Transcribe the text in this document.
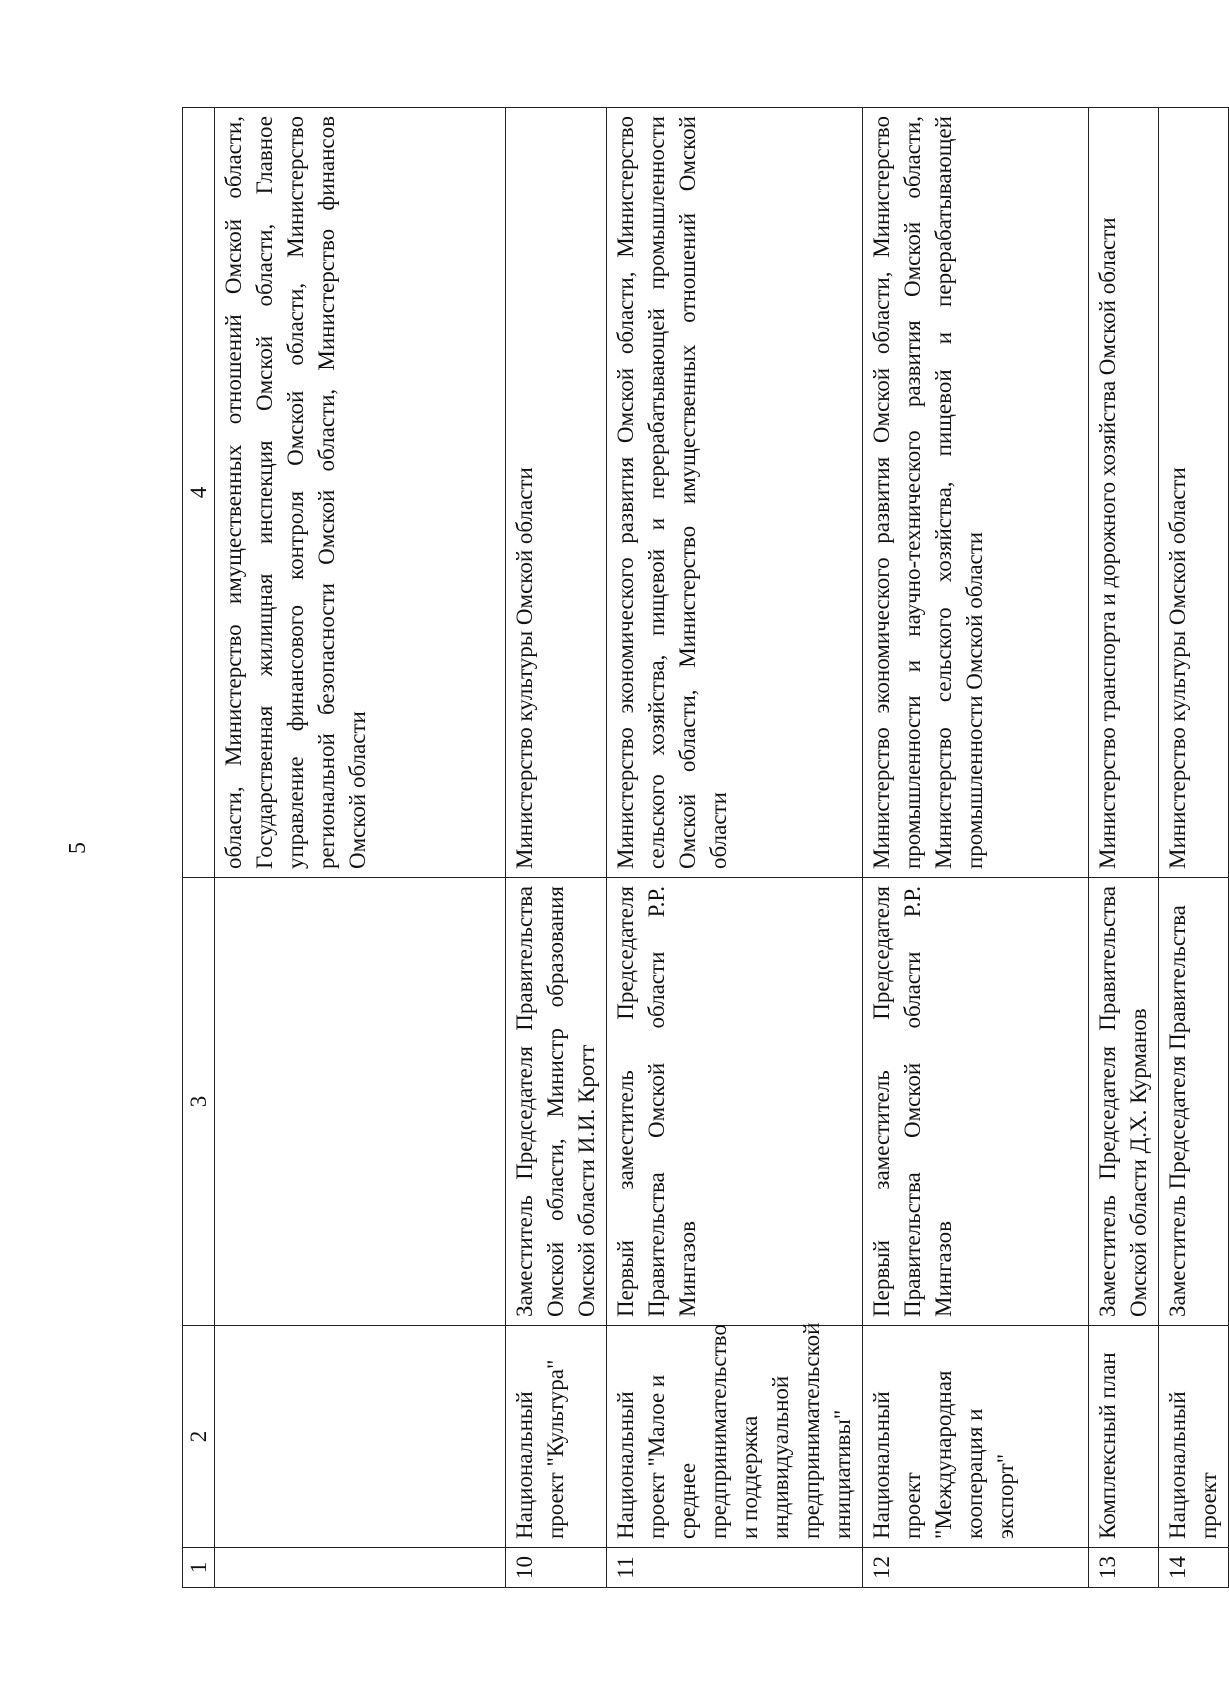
5
1	2	3	4
			области, Министерство имущественных отношений Омской области, Государственная жилищная инспекция Омской области, Главное управление финансового контроля Омской области, Министерство региональной безопасности Омской области, Министерство финансов Омской области
10	Национальный проект "Культура"	Заместитель Председателя Правительства Омской области, Министр образования Омской области И.И. Кротт	Министерство культуры Омской области
11	Национальный проект "Малое и среднее предпринимательство и поддержка индивидуальной предпринимательской инициативы"	Первый заместитель Председателя Правительства Омской области Р.Р. Мингазов	Министерство экономического развития Омской области, Министерство сельского хозяйства, пищевой и перерабатывающей промышленности Омской области, Министерство имущественных отношений Омской области
12	Национальный проект "Международная кооперация и экспорт"	Первый заместитель Председателя Правительства Омской области Р.Р. Мингазов	Министерство экономического развития Омской области, Министерство промышленности и научно-технического развития Омской области, Министерство сельского хозяйства, пищевой и перерабатывающей промышленности Омской области
13	Комплексный план	Заместитель Председателя Правительства Омской области Д.Х. Курманов	Министерство транспорта и дорожного хозяйства Омской области
14	Национальный проект	Заместитель Председателя Правительства	Министерство культуры Омской области
